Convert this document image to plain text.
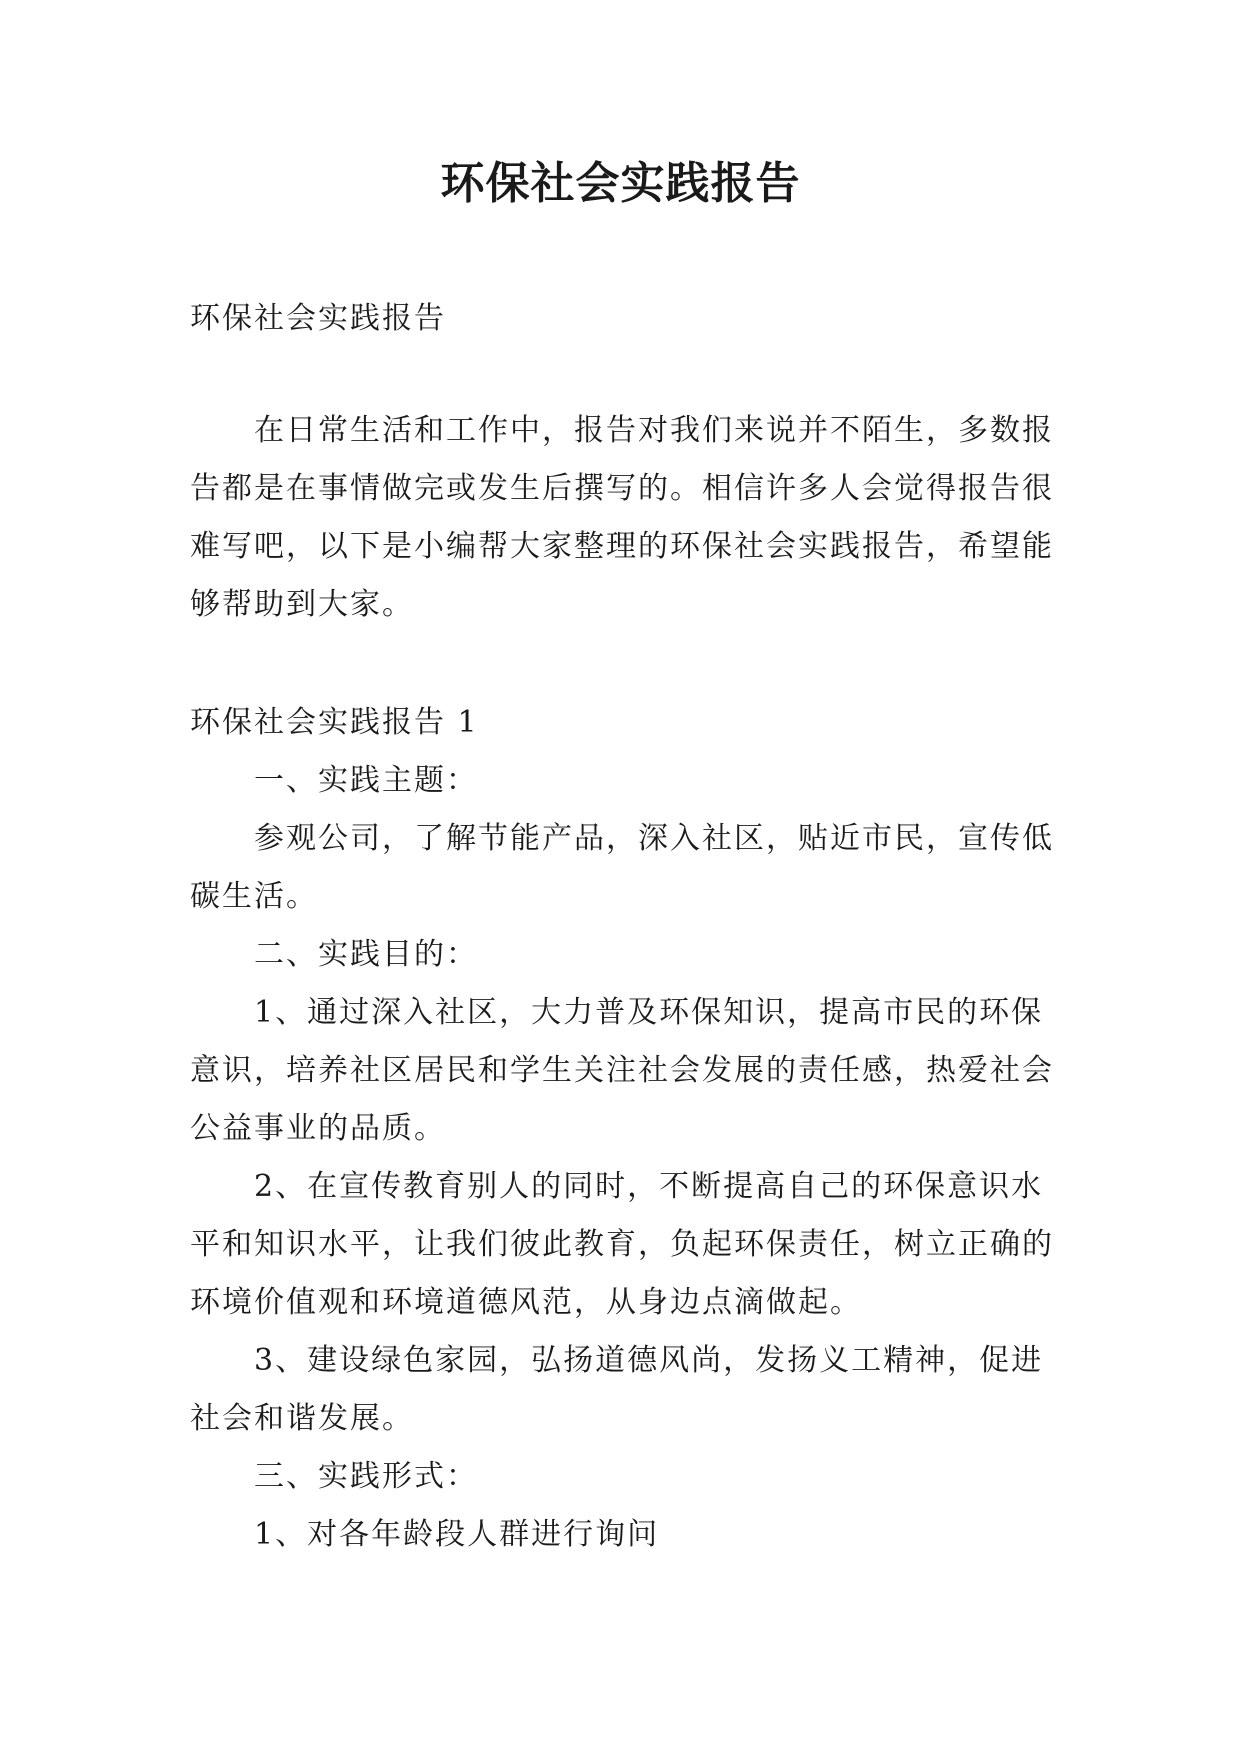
环保社会实践报告

环保社会实践报告

在日常生活和工作中，报告对我们来说并不陌生，多数报告都是在事情做完或发生后撰写的。相信许多人会觉得报告很难写吧，以下是小编帮大家整理的环保社会实践报告，希望能够帮助到大家。

环保社会实践报告 1

一、实践主题：

参观公司，了解节能产品，深入社区，贴近市民，宣传低碳生活。

二、实践目的：

1、通过深入社区，大力普及环保知识，提高市民的环保意识，培养社区居民和学生关注社会发展的责任感，热爱社会公益事业的品质。

2、在宣传教育别人的同时，不断提高自己的环保意识水平和知识水平，让我们彼此教育，负起环保责任，树立正确的环境价值观和环境道德风范，从身边点滴做起。

3、建设绿色家园，弘扬道德风尚，发扬义工精神，促进社会和谐发展。

三、实践形式：

1、对各年龄段人群进行询问
